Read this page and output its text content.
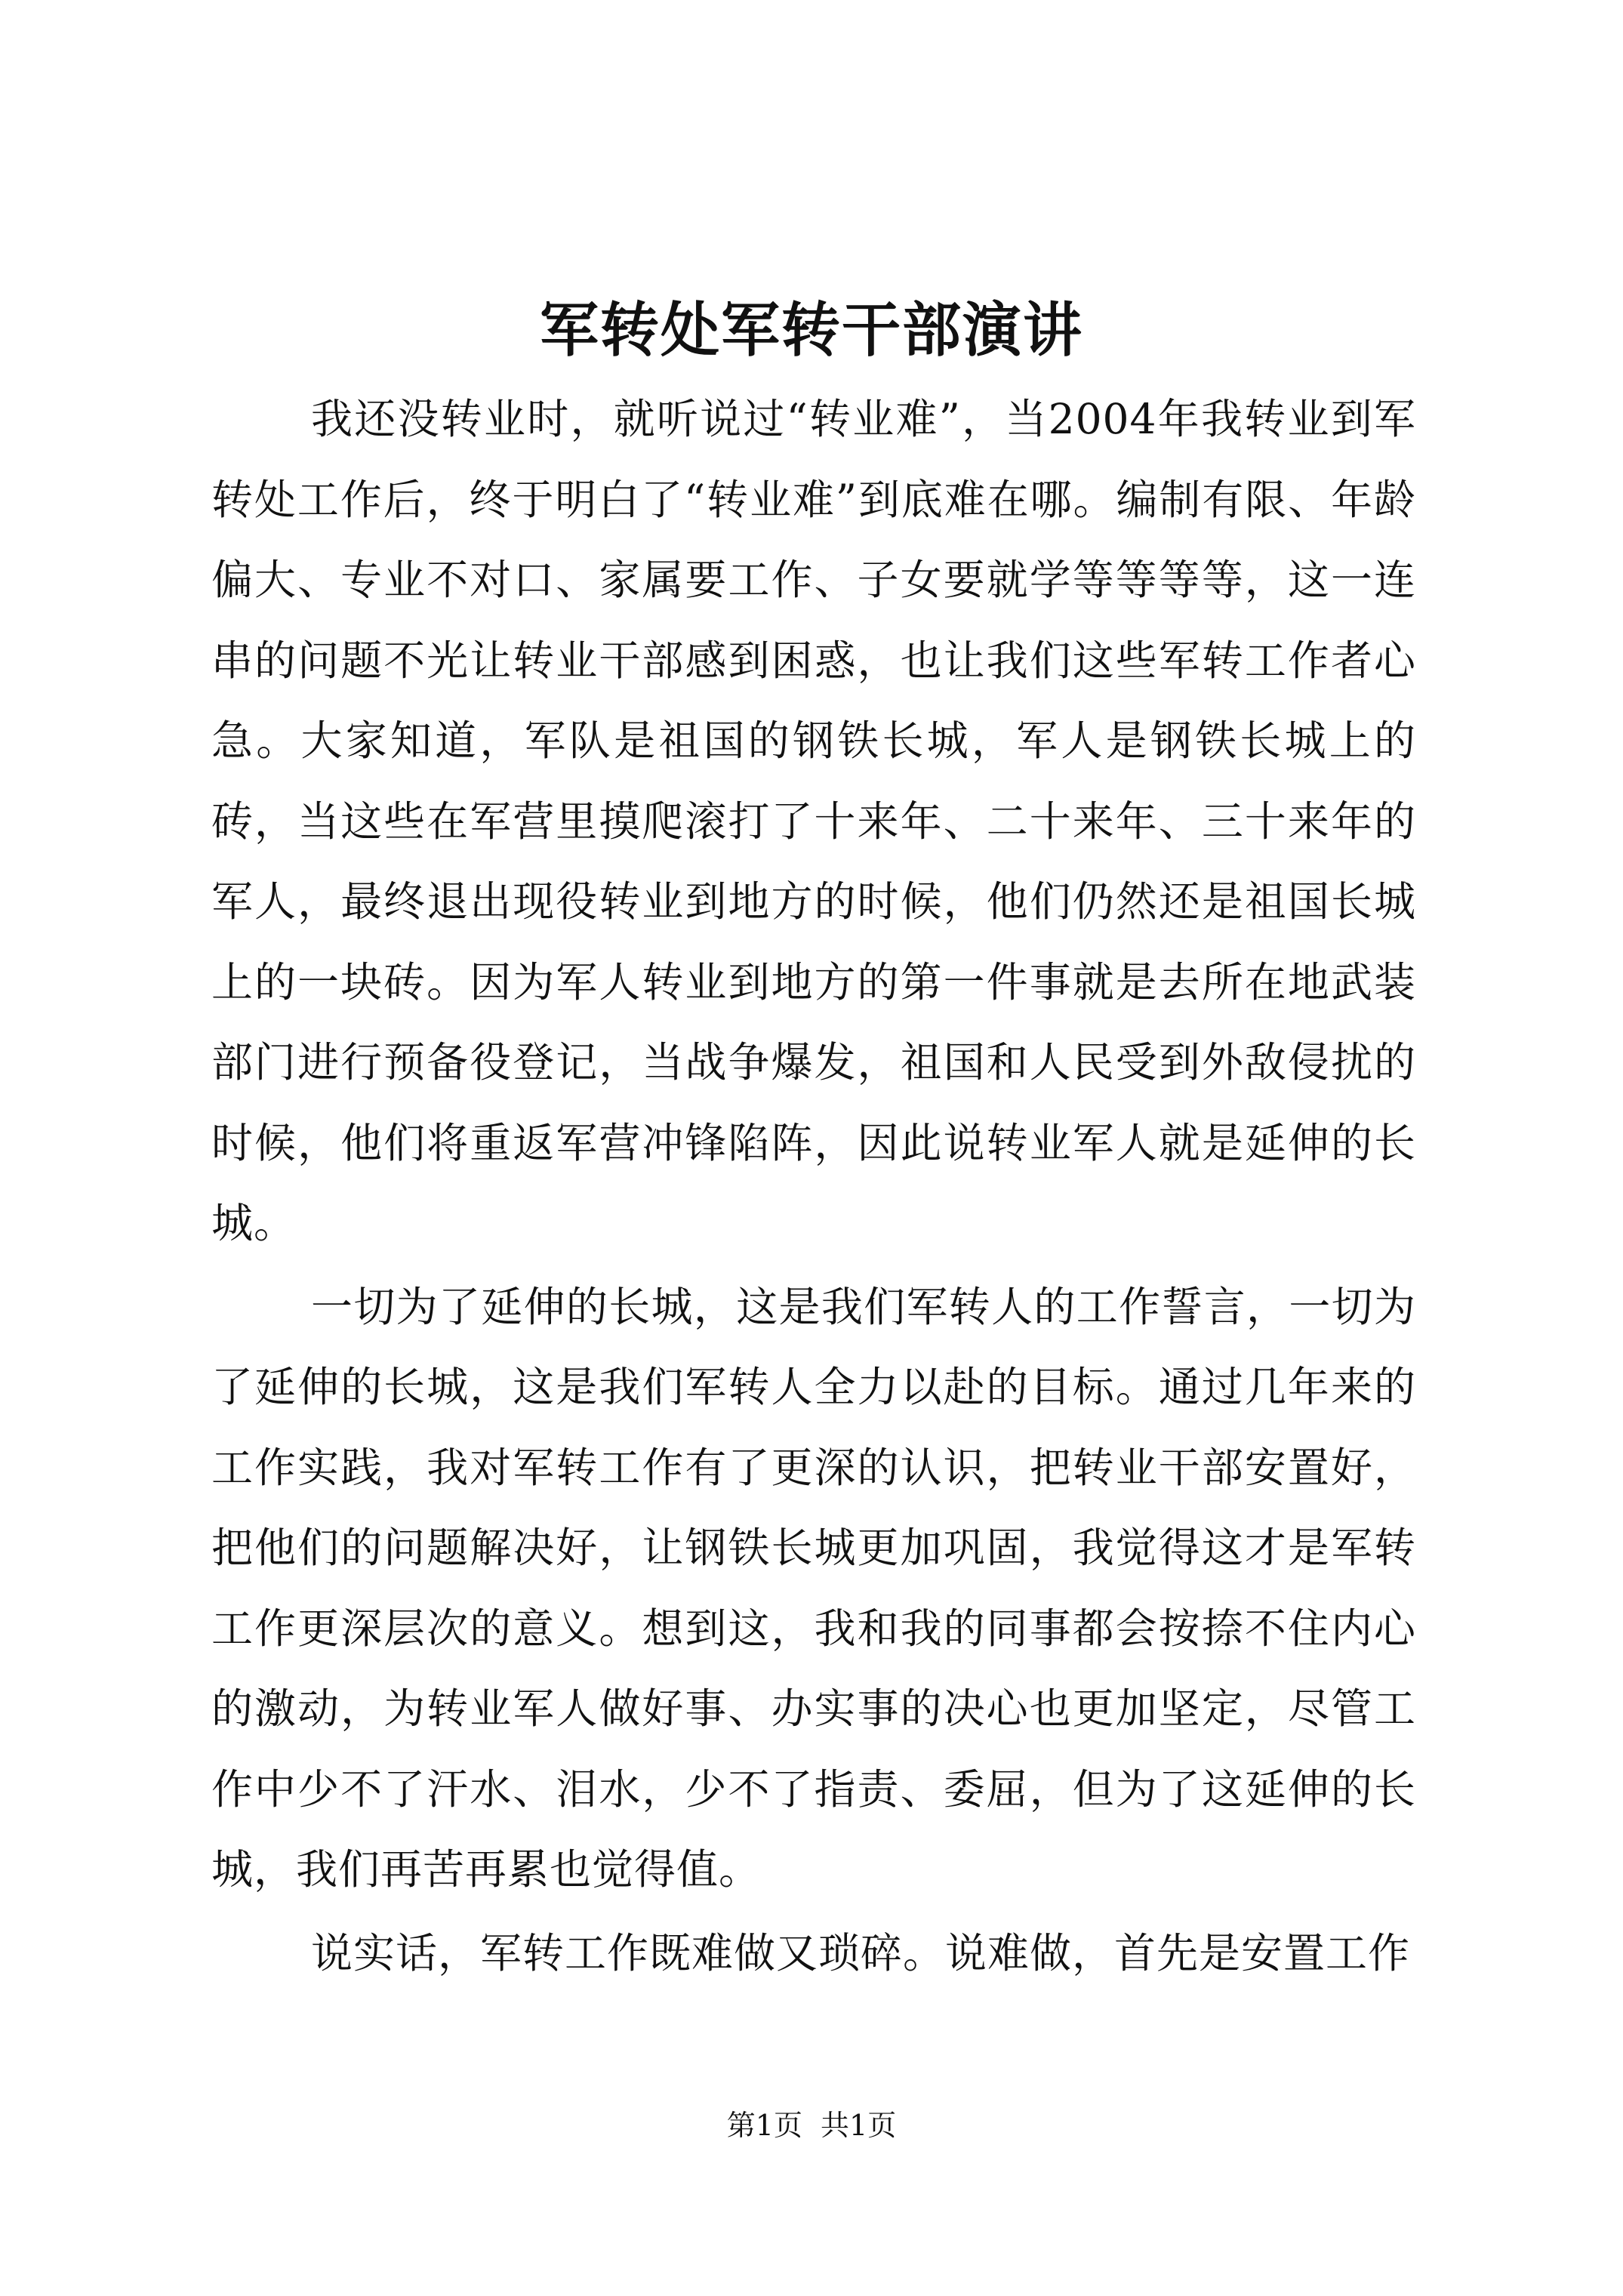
军转处军转干部演讲

我还没转业时，就听说过“转业难”，当2004年我转业到军转处工作后，终于明白了“转业难”到底难在哪。编制有限、年龄偏大、专业不对口、家属要工作、子女要就学等等等等，这一连串的问题不光让转业干部感到困惑，也让我们这些军转工作者心急。大家知道，军队是祖国的钢铁长城，军人是钢铁长城上的砖，当这些在军营里摸爬滚打了十来年、二十来年、三十来年的军人，最终退出现役转业到地方的时候，他们仍然还是祖国长城上的一块砖。因为军人转业到地方的第一件事就是去所在地武装部门进行预备役登记，当战争爆发，祖国和人民受到外敌侵扰的时候，他们将重返军营冲锋陷阵，因此说转业军人就是延伸的长城。

一切为了延伸的长城，这是我们军转人的工作誓言，一切为了延伸的长城，这是我们军转人全力以赴的目标。通过几年来的工作实践，我对军转工作有了更深的认识，把转业干部安置好，把他们的问题解决好，让钢铁长城更加巩固，我觉得这才是军转工作更深层次的意义。想到这，我和我的同事都会按捺不住内心的激动，为转业军人做好事、办实事的决心也更加坚定，尽管工作中少不了汗水、泪水，少不了指责、委屈，但为了这延伸的长城，我们再苦再累也觉得值。

说实话，军转工作既难做又琐碎。说难做，首先是安置工作

第1页 共1页
